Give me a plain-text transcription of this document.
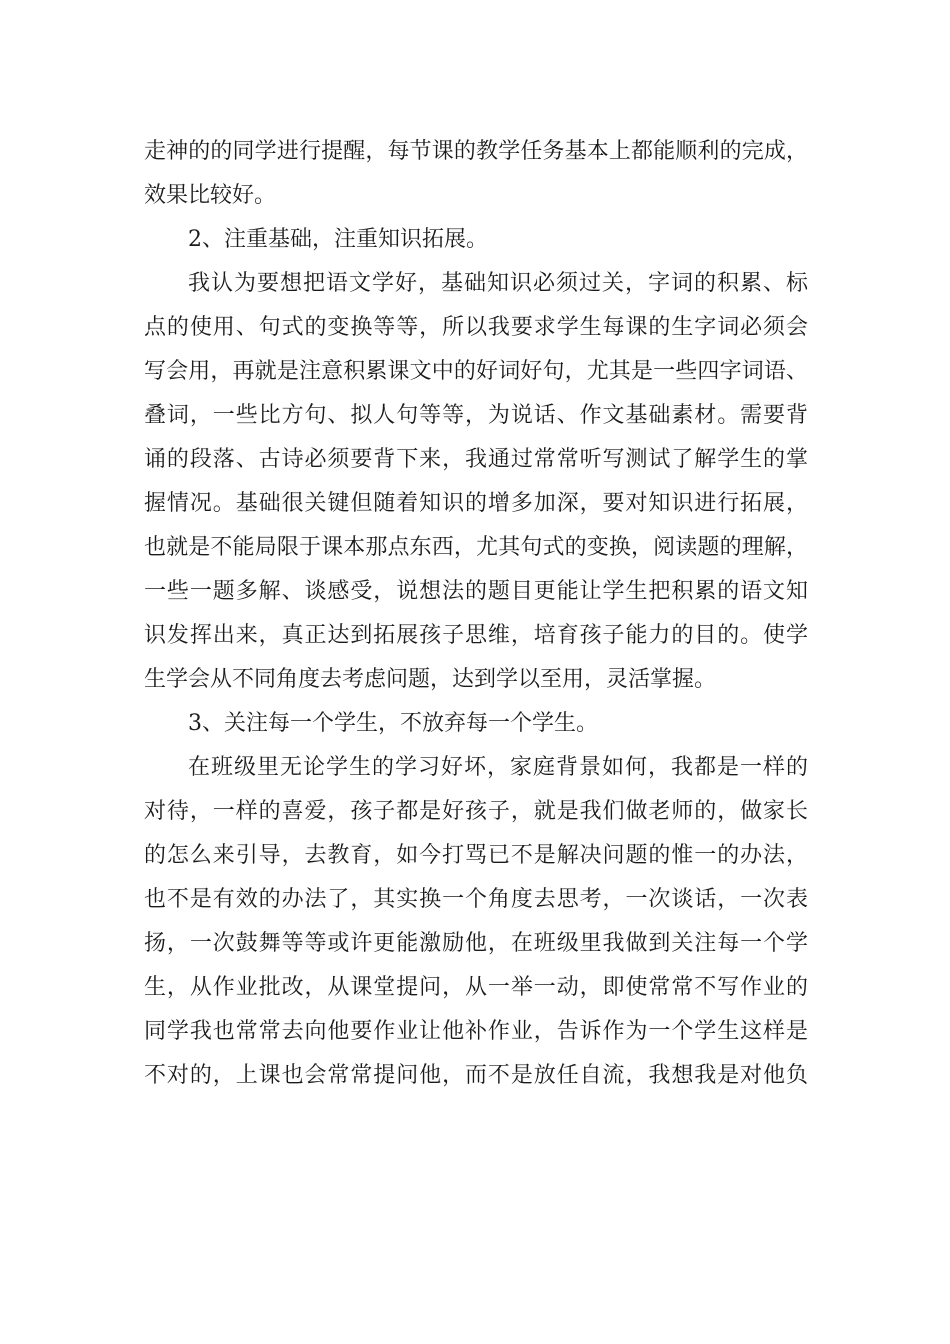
走神的的同学进行提醒，每节课的教学任务基本上都能顺利的完成，
效果比较好。
2、注重基础，注重知识拓展。
我认为要想把语文学好，基础知识必须过关，字词的积累、标
点的使用、句式的变换等等，所以我要求学生每课的生字词必须会
写会用，再就是注意积累课文中的好词好句，尤其是一些四字词语、
叠词，一些比方句、拟人句等等，为说话、作文基础素材。需要背
诵的段落、古诗必须要背下来，我通过常常听写测试了解学生的掌
握情况。基础很关键但随着知识的增多加深，要对知识进行拓展，
也就是不能局限于课本那点东西，尤其句式的变换，阅读题的理解，
一些一题多解、谈感受，说想法的题目更能让学生把积累的语文知
识发挥出来，真正达到拓展孩子思维，培育孩子能力的目的。使学
生学会从不同角度去考虑问题，达到学以至用，灵活掌握。
3、关注每一个学生，不放弃每一个学生。
在班级里无论学生的学习好坏，家庭背景如何，我都是一样的
对待，一样的喜爱，孩子都是好孩子，就是我们做老师的，做家长
的怎么来引导，去教育，如今打骂已不是解决问题的惟一的办法，
也不是有效的办法了，其实换一个角度去思考，一次谈话，一次表
扬，一次鼓舞等等或许更能激励他，在班级里我做到关注每一个学
生，从作业批改，从课堂提问，从一举一动，即使常常不写作业的
同学我也常常去向他要作业让他补作业，告诉作为一个学生这样是
不对的，上课也会常常提问他，而不是放任自流，我想我是对他负
